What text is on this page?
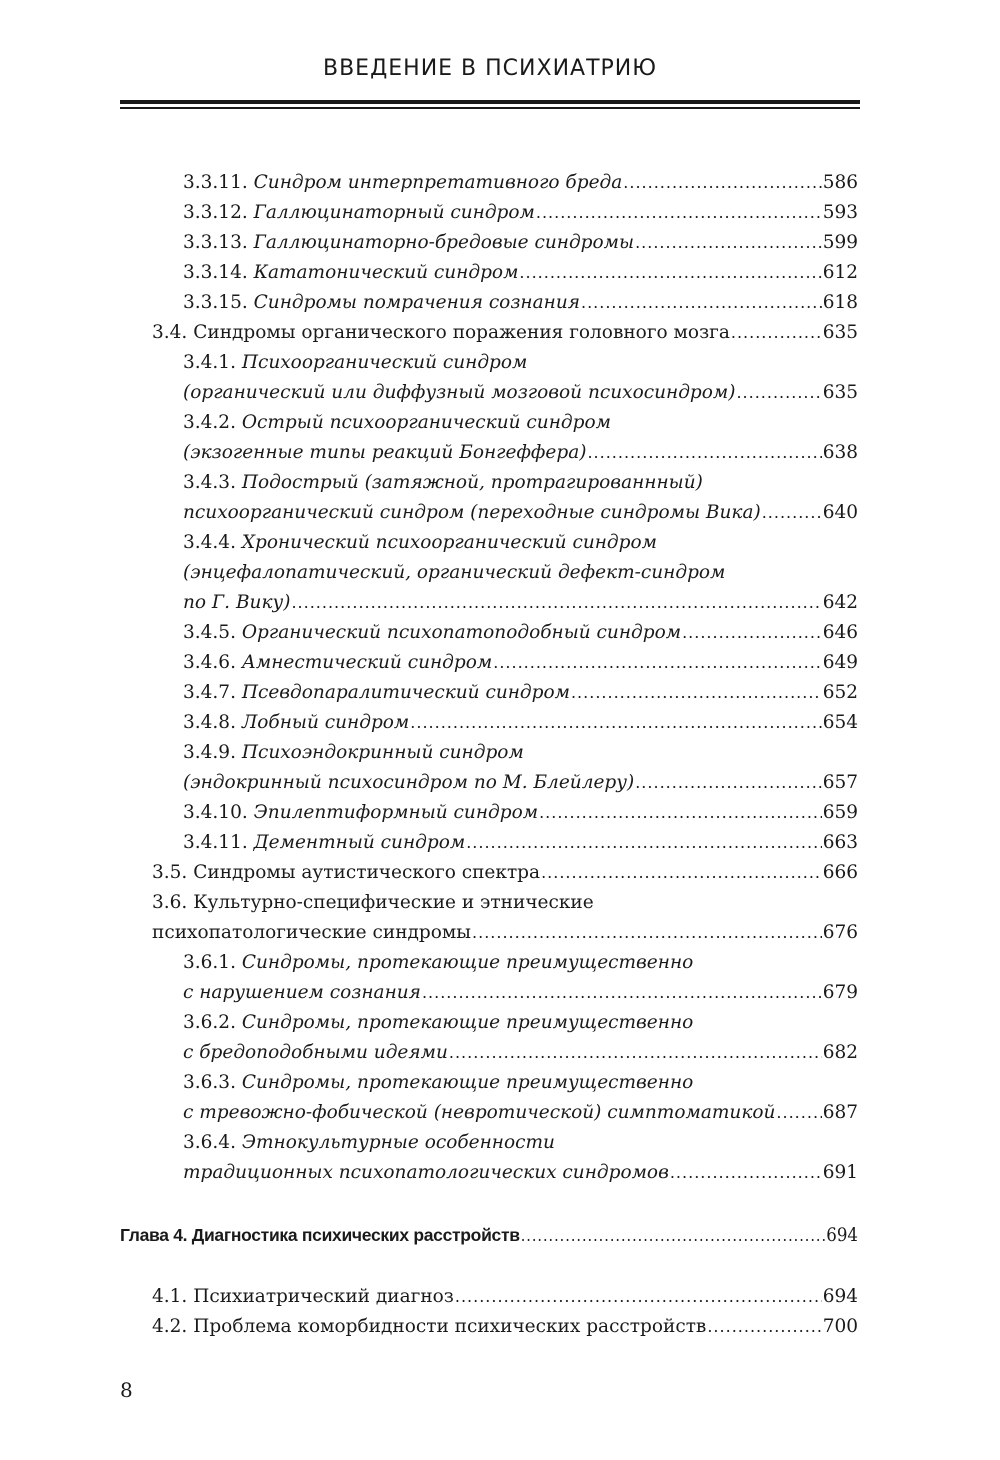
ВВЕДЕНИЕ В ПСИХИАТРИЮ
3.3.11. Синдром интерпретативного бреда .....	586
3.3.12. Галлюцинаторный синдром .....	593
3.3.13. Галлюцинаторно-бредовые синдромы .....	599
3.3.14. Кататонический синдром .....	612
3.3.15. Синдромы помрачения сознания .....	618
3.4. Синдромы органического поражения головного мозга .....	635
3.4.1. Психоорганический синдром
(органический или диффузный мозговой психосиндром) .....	635
3.4.2. Острый психоорганический синдром
(экзогенные типы реакций Бонгеффера) .....	638
3.4.3. Подострый (затяжной, протрагированнный)
психоорганический синдром (переходные синдромы Вика) .....	640
3.4.4. Хронический психоорганический синдром
(энцефалопатический, органический дефект-синдром
по Г. Вику) .....	642
3.4.5. Органический психопатоподобный синдром .....	646
3.4.6. Амнестический синдром .....	649
3.4.7. Псевдопаралитический синдром .....	652
3.4.8. Лобный синдром .....	654
3.4.9. Психоэндокринный синдром
(эндокринный психосиндром по М. Блейлеру) .....	657
3.4.10. Эпилептиформный синдром .....	659
3.4.11. Дементный синдром .....	663
3.5. Синдромы аутистического спектра .....	666
3.6. Культурно-специфические и этнические
психопатологические синдромы .....	676
3.6.1. Синдромы, протекающие преимущественно
с нарушением сознания .....	679
3.6.2. Синдромы, протекающие преимущественно
с бредоподобными идеями .....	682
3.6.3. Синдромы, протекающие преимущественно
с тревожно-фобической (невротической) симптоматикой .....	687
3.6.4. Этнокультурные особенности
традиционных психопатологических синдромов .....	691
Глава 4. Диагностика психических расстройств .....	694
4.1. Психиатрический диагноз .....	694
4.2. Проблема коморбидности психических расстройств .....	700
8
